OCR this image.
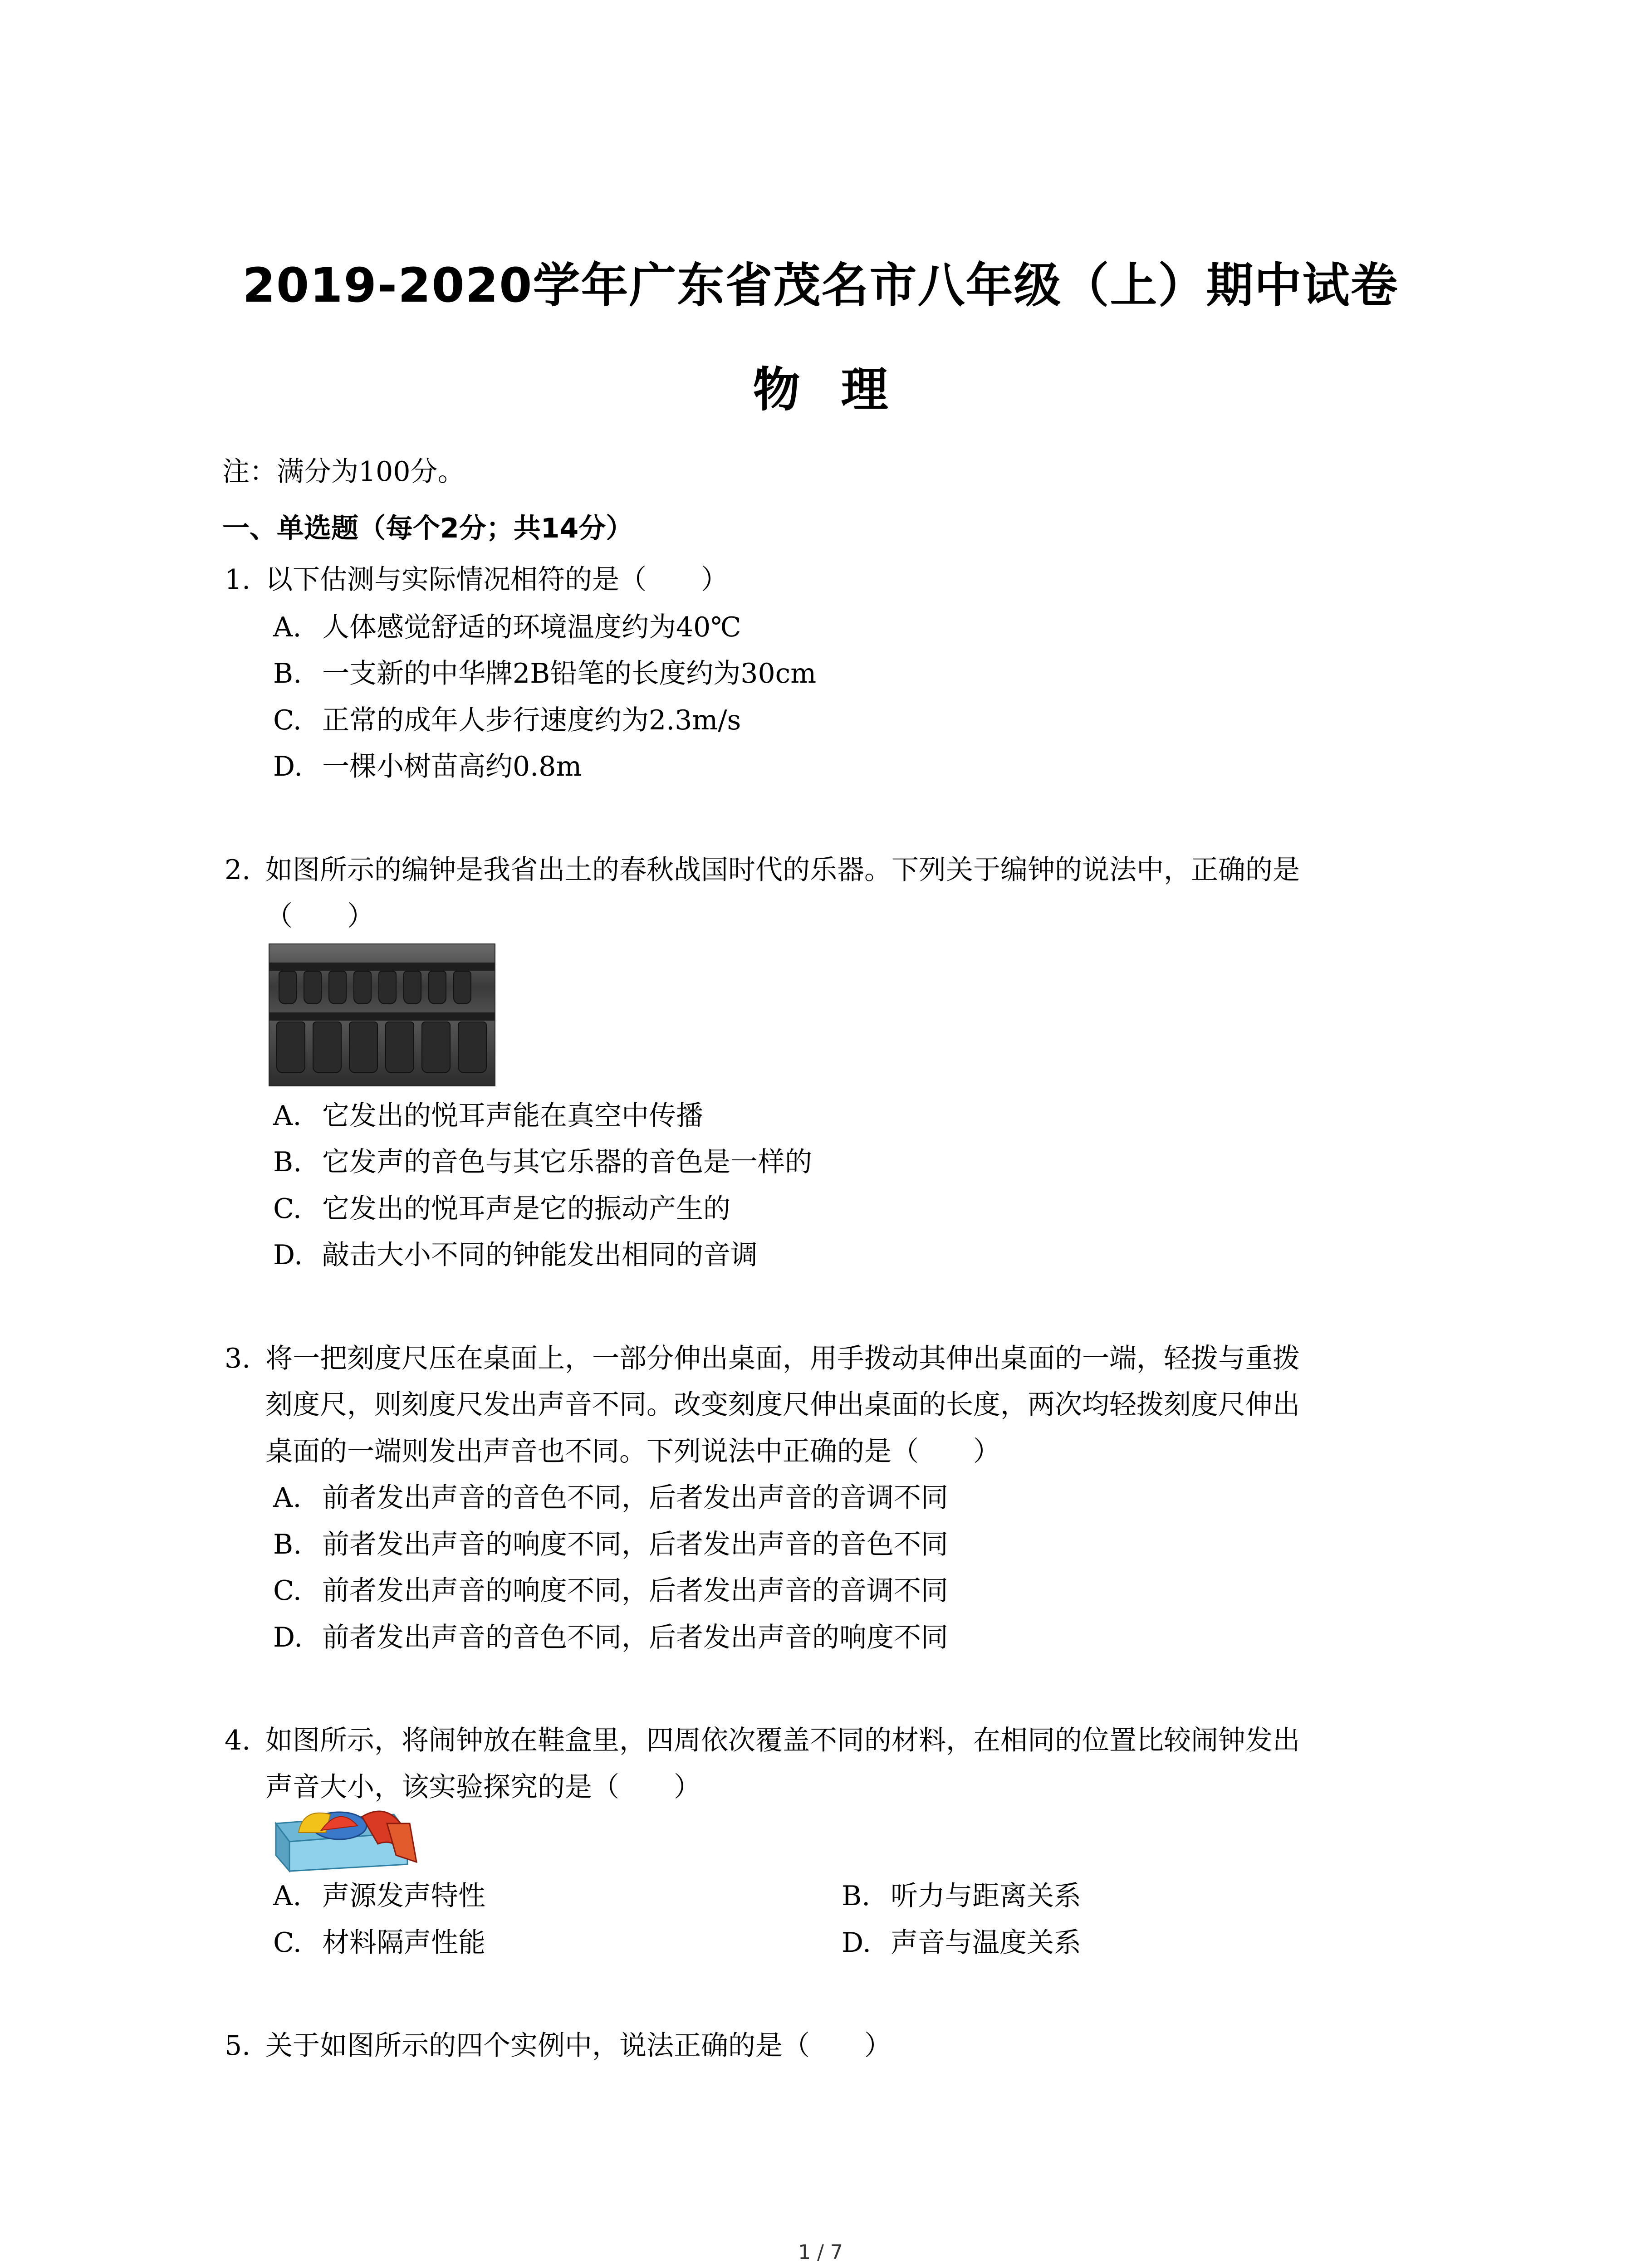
2019-2020学年广东省茂名市八年级（上）期中试卷
物理
注：满分为100分。
一、单选题（每个2分；共14分）
1. 以下估测与实际情况相符的是（　　）
A. 人体感觉舒适的环境温度约为40℃
B. 一支新的中华牌2B铅笔的长度约为30cm
C. 正常的成年人步行速度约为2.3m/s
D. 一棵小树苗高约0.8m
2. 如图所示的编钟是我省出土的春秋战国时代的乐器。下列关于编钟的说法中，正确的是
（　　）
A. 它发出的悦耳声能在真空中传播
B. 它发声的音色与其它乐器的音色是一样的
C. 它发出的悦耳声是它的振动产生的
D. 敲击大小不同的钟能发出相同的音调
3. 将一把刻度尺压在桌面上，一部分伸出桌面，用手拨动其伸出桌面的一端，轻拨与重拨
刻度尺，则刻度尺发出声音不同。改变刻度尺伸出桌面的长度，两次均轻拨刻度尺伸出
桌面的一端则发出声音也不同。下列说法中正确的是（　　）
A. 前者发出声音的音色不同，后者发出声音的音调不同
B. 前者发出声音的响度不同，后者发出声音的音色不同
C. 前者发出声音的响度不同，后者发出声音的音调不同
D. 前者发出声音的音色不同，后者发出声音的响度不同
4. 如图所示，将闹钟放在鞋盒里，四周依次覆盖不同的材料，在相同的位置比较闹钟发出
声音大小，该实验探究的是（　　）
A. 声源发声特性	B. 听力与距离关系
C. 材料隔声性能	D. 声音与温度关系
5. 关于如图所示的四个实例中，说法正确的是（　　）
1 / 7
